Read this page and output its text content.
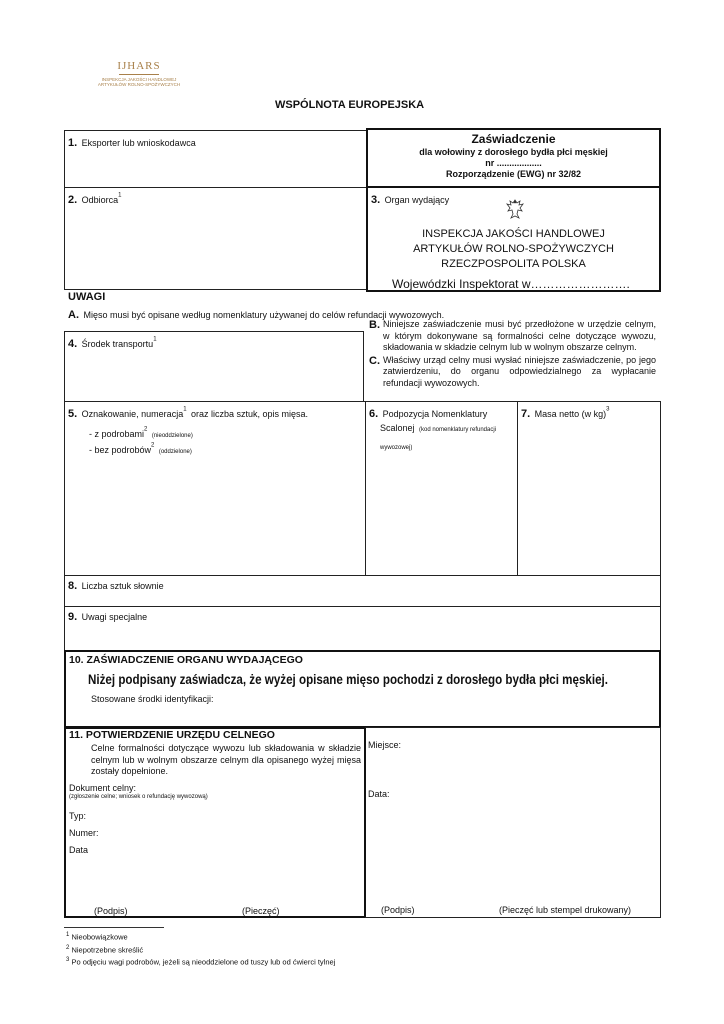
IJHARS
INSPEKCJA JAKOŚCI HANDLOWEJ
ARTYKUŁÓW ROLNO-SPOŻYWCZYCH
WSPÓLNOTA EUROPEJSKA
1. Eksporter lub wnioskodawca	Zaświadczenie
dla wołowiny z dorosłego bydła płci męskiej
nr ..................
Rozporządzenie (EWG) nr 32/82
2. Odbiorca$^1$	3. Organ wydający
INSPEKCJA JAKOŚCI HANDLOWEJ
ARTYKUŁÓW ROLNO-SPOŻYWCZYCH
RZECZPOSPOLITA POLSKA
Wojewódzki Inspektorat w…………………….
UWAGI
A. Mięso musi być opisane według nomenklatury używanej do celów refundacji wywozowych.
4. Środek transportu$^1$
B. Niniejsze zaświadczenie musi być przedłożone w urzędzie celnym, w którym dokonywane są formalności celne dotyczące wywozu, składowania w składzie celnym lub w wolnym obszarze celnym.
C. Właściwy urząd celny musi wysłać niniejsze zaświadczenie, po jego zatwierdzeniu, do organu odpowiedzialnego za wypłacanie refundacji wywozowych.
5. Oznakowanie, numeracja$^1$ oraz liczba sztuk, opis mięsa.
- z podrobami$^2$ (nieoddzielone)
- bez podrobów$^2$ (oddzielone)
6. Podpozycja Nomenklatury
Scalonej (kod nomenklatury refundacji wywozowej)
7. Masa netto (w kg)$^3$
8. Liczba sztuk słownie
9. Uwagi specjalne
10. ZAŚWIADCZENIE ORGANU WYDAJĄCEGO
Niżej podpisany zaświadcza, że wyżej opisane mięso pochodzi z dorosłego bydła płci męskiej.
Stosowane środki identyfikacji:
11. POTWIERDZENIE URZĘDU CELNEGO
Celne formalności dotyczące wywozu lub składowania w składzie celnym lub w wolnym obszarze celnym dla opisanego wyżej mięsa zostały dopełnione.
Dokument celny:
(zgłoszenie celne; wniosek o refundację wywozową)
Typ:
Numer:
Data
(Podpis)	(Pieczęć)
Miejsce:
Data:
(Podpis)	(Pieczęć lub stempel drukowany)
$^1$ Nieobowiązkowe
$^2$ Niepotrzebne skreślić
$^3$ Po odjęciu wagi podrobów, jeżeli są nieoddzielone od tuszy lub od ćwierci tylnej
